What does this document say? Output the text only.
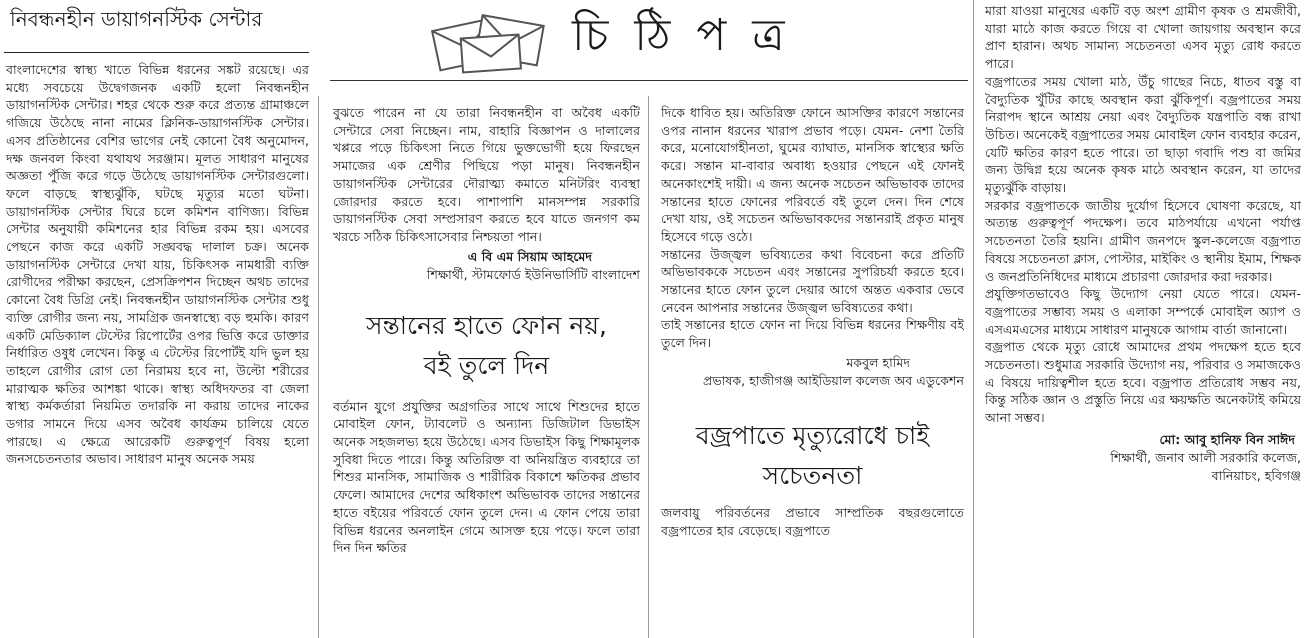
নিবন্ধনহীন ডায়াগনস্টিক সেন্টার

বাংলাদেশের স্বাস্থ্য খাতে বিভিন্ন ধরনের সঙ্কট রয়েছে। এর মধ্যে সবচেয়ে উদ্বেগজনক একটি হলো নিবন্ধনহীন ডায়াগনস্টিক সেন্টার। শহর থেকে শুরু করে প্রত্যন্ত গ্রামাঞ্চলে গজিয়ে উঠেছে নানা নামের ক্লিনিক-ডায়াগনস্টিক সেন্টার। এসব প্রতিষ্ঠানের বেশির ভাগের নেই কোনো বৈধ অনুমোদন, দক্ষ জনবল কিংবা যথাযথ সরঞ্জাম। মূলত সাধারণ মানুষের অজ্ঞতা পুঁজি করে গড়ে উঠেছে ডায়াগনস্টিক সেন্টারগুলো। ফলে বাড়ছে স্বাস্থ্যঝুঁকি, ঘটছে মৃত্যুর মতো ঘটনা। ডায়াগনস্টিক সেন্টার ঘিরে চলে কমিশন বাণিজ্য। বিভিন্ন সেন্টার অনুযায়ী কমিশনের হার বিভিন্ন রকম হয়। এসবের পেছনে কাজ করে একটি সঙ্ঘবদ্ধ দালাল চক্র। অনেক ডায়াগনস্টিক সেন্টারে দেখা যায়, চিকিৎসক নামধারী ব্যক্তি রোগীদের পরীক্ষা করছেন, প্রেসক্রিপশন দিচ্ছেন অথচ তাদের কোনো বৈধ ডিগ্রি নেই। নিবন্ধনহীন ডায়াগনস্টিক সেন্টার শুধু ব্যক্তি রোগীর জন্য নয়, সামগ্রিক জনস্বাস্থ্যে বড় হুমকি। কারণ একটি মেডিক্যাল টেস্টের রিপোর্টের ওপর ভিত্তি করে ডাক্তার নির্ধারিত ওষুধ লেখেন। কিন্তু এ টেস্টের রিপোর্টই যদি ভুল হয় তাহলে রোগীর রোগ তো নিরাময় হবে না, উল্টো শরীরের মারাত্মক ক্ষতির আশঙ্কা থাকে। স্বাস্থ্য অধিদফতর বা জেলা স্বাস্থ্য কর্মকর্তারা নিয়মিত তদারকি না করায় তাদের নাকের ডগার সামনে দিয়ে এসব অবৈধ কার্যক্রম চালিয়ে যেতে পারছে। এ ক্ষেত্রে আরেকটি গুরুত্বপূর্ণ বিষয় হলো জনসচেতনতার অভাব। সাধারণ মানুষ অনেক সময়

চি ঠি প ত্র

বুঝতে পারেন না যে তারা নিবন্ধনহীন বা অবৈধ একটি সেন্টারে সেবা নিচ্ছেন। নাম, বাহারি বিজ্ঞাপন ও দালালের খপ্পরে পড়ে চিকিৎসা নিতে গিয়ে ভুক্তভোগী হয়ে ফিরছেন সমাজের এক শ্রেণীর পিছিয়ে পড়া মানুষ। নিবন্ধনহীন ডায়াগনস্টিক সেন্টারের দৌরাত্ম্য কমাতে মনিটরিং ব্যবস্থা জোরদার করতে হবে। পাশাপাশি মানসম্পন্ন সরকারি ডায়াগনস্টিক সেবা সম্প্রসারণ করতে হবে যাতে জনগণ কম খরচে সঠিক চিকিৎসাসেবার নিশ্চয়তা পান।

এ বি এম সিয়াম আহমেদ
শিক্ষার্থী, স্টামফোর্ড ইউনিভার্সিটি বাংলাদেশ
সন্তানের হাতে ফোন নয়,
বই তুলে দিন

বর্তমান যুগে প্রযুক্তির অগ্রগতির সাথে সাথে শিশুদের হাতে মোবাইল ফোন, ট্যাবলেট ও অন্যান্য ডিজিটাল ডিভাইস অনেক সহজলভ্য হয়ে উঠেছে। এসব ডিভাইস কিছু শিক্ষামূলক সুবিধা দিতে পারে। কিন্তু অতিরিক্ত বা অনিয়ন্ত্রিত ব্যবহারে তা শিশুর মানসিক, সামাজিক ও শারীরিক বিকাশে ক্ষতিকর প্রভাব ফেলে। আমাদের দেশের অধিকাংশ অভিভাবক তাদের সন্তানের হাতে বইয়ের পরিবর্তে ফোন তুলে দেন। এ ফোন পেয়ে তারা বিভিন্ন ধরনের অনলাইন গেমে আসক্ত হয়ে পড়ে। ফলে তারা দিন দিন ক্ষতির

দিকে ধাবিত হয়। অতিরিক্ত ফোনে আসক্তির কারণে সন্তানের ওপর নানান ধরনের খারাপ প্রভাব পড়ে। যেমন- নেশা তৈরি করে, মনোযোগহীনতা, ঘুমের ব্যাঘাত, মানসিক স্বাস্থ্যের ক্ষতি করে। সন্তান মা-বাবার অবাধ্য হওয়ার পেছনে এই ফোনই অনেকাংশেই দায়ী। এ জন্য অনেক সচেতন অভিভাবক তাদের সন্তানের হাতে ফোনের পরিবর্তে বই তুলে দেন। দিন শেষে দেখা যায়, ওই সচেতন অভিভাবকদের সন্তানরাই প্রকৃত মানুষ হিসেবে গড়ে ওঠে।

সন্তানের উজ্জ্বল ভবিষ্যতের কথা বিবেচনা করে প্রতিটি অভিভাবককে সচেতন এবং সন্তানের সুপরিচর্যা করতে হবে। সন্তানের হাতে ফোন তুলে দেয়ার আগে অন্তত একবার ভেবে নেবেন আপনার সন্তানের উজ্জ্বল ভবিষ্যতের কথা।

তাই সন্তানের হাতে ফোন না দিয়ে বিভিন্ন ধরনের শিক্ষণীয় বই তুলে দিন।

মকবুল হামিদ
প্রভাষক, হাজীগঞ্জ আইডিয়াল কলেজ অব এডুকেশন
বজ্রপাতে মৃত্যুরোধে চাই
সচেতনতা

জলবায়ু পরিবর্তনের প্রভাবে সাম্প্রতিক বছরগুলোতে বজ্রপাতের হার বেড়েছে। বজ্রপাতে

মারা যাওয়া মানুষের একটি বড় অংশ গ্রামীণ কৃষক ও শ্রমজীবী, যারা মাঠে কাজ করতে গিয়ে বা খোলা জায়গায় অবস্থান করে প্রাণ হারান। অথচ সামান্য সচেতনতা এসব মৃত্যু রোধ করতে পারে।

বজ্রপাতের সময় খোলা মাঠ, উঁচু গাছের নিচে, ধাতব বস্তু বা বৈদ্যুতিক খুঁটির কাছে অবস্থান করা ঝুঁকিপূর্ণ। বজ্রপাতের সময় নিরাপদ স্থানে আশ্রয় নেয়া এবং বৈদ্যুতিক যন্ত্রপাতি বন্ধ রাখা উচিত। অনেকেই বজ্রপাতের সময় মোবাইল ফোন ব্যবহার করেন, যেটি ক্ষতির কারণ হতে পারে। তা ছাড়া গবাদি পশু বা জমির জন্য উদ্বিগ্ন হয়ে অনেক কৃষক মাঠে অবস্থান করেন, যা তাদের মৃত্যুঝুঁকি বাড়ায়।

সরকার বজ্রপাতকে জাতীয় দুর্যোগ হিসেবে ঘোষণা করেছে, যা অত্যন্ত গুরুত্বপূর্ণ পদক্ষেপ। তবে মাঠপর্যায়ে এখনো পর্যাপ্ত সচেতনতা তৈরি হয়নি। গ্রামীণ জনপদে স্কুল-কলেজে বজ্রপাত বিষয়ে সচেতনতা ক্লাস, পোস্টার, মাইকিং ও স্থানীয় ইমাম, শিক্ষক ও জনপ্রতিনিধিদের মাধ্যমে প্রচারণা জোরদার করা দরকার।

প্রযুক্তিগতভাবেও কিছু উদ্যোগ নেয়া যেতে পারে। যেমন- বজ্রপাতের সম্ভাব্য সময় ও এলাকা সম্পর্কে মোবাইল অ্যাপ ও এসএমএসের মাধ্যমে সাধারণ মানুষকে আগাম বার্তা জানানো।

বজ্রপাত থেকে মৃত্যু রোধে আমাদের প্রথম পদক্ষেপ হতে হবে সচেতনতা। শুধুমাত্র সরকারি উদ্যোগ নয়, পরিবার ও সমাজকেও এ বিষয়ে দায়িত্বশীল হতে হবে। বজ্রপাত প্রতিরোধ সম্ভব নয়, কিন্তু সঠিক জ্ঞান ও প্রস্তুতি নিয়ে এর ক্ষয়ক্ষতি অনেকটাই কমিয়ে আনা সম্ভব।

মো: আবু হানিফ বিন সাঈদ
শিক্ষার্থী, জনাব আলী সরকারি কলেজ,
বানিয়াচং, হবিগঞ্জ
